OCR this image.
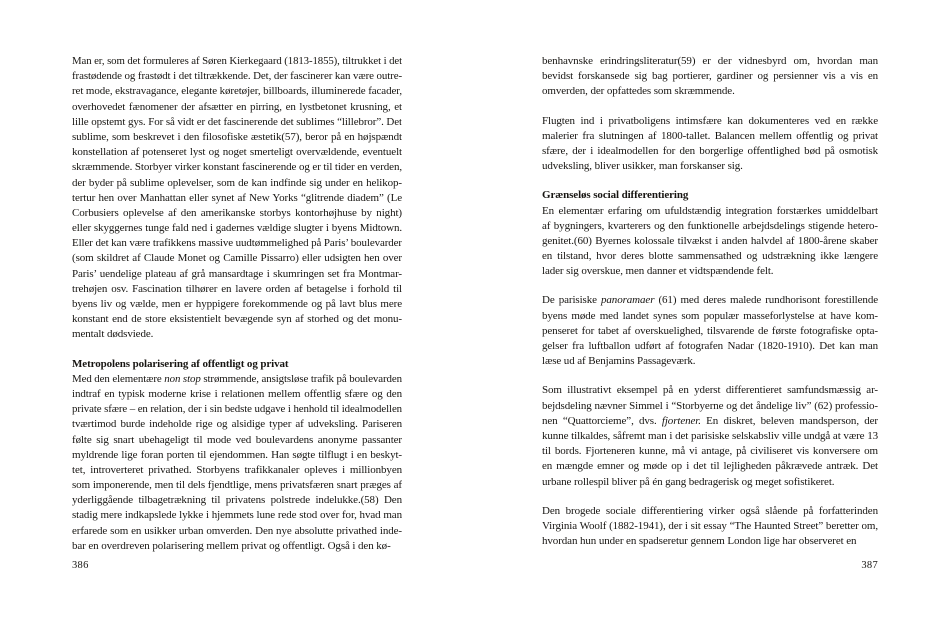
Man er, som det formuleres af Søren Kierkegaard (1813-1855), tiltrukket i det
frastødende og frastødt i det tiltrækkende. Det, der fascinerer kan være outre-
ret mode, ekstravagance, elegante køretøjer, billboards, illuminerede facader,
overhovedet fænomener der afsætter en pirring, en lystbetonet krusning, et
lille opstemt gys. For så vidt er det fascinerende det sublimes “lillebror”. Det
sublime, som beskrevet i den filosofiske æstetik(57), beror på en højspændt
konstellation af potenseret lyst og noget smerteligt overvældende, eventuelt
skræmmende. Storbyer virker konstant fascinerende og er til tider en verden,
der byder på sublime oplevelser, som de kan indfinde sig under en helikop-
tertur hen over Manhattan eller synet af New Yorks “glitrende diadem” (Le
Corbusiers oplevelse af den amerikanske storbys kontorhøjhuse by night)
eller skyggernes tunge fald ned i gadernes vældige slugter i byens Midtown.
Eller det kan være trafikkens massive uudtømmelighed på Paris’ boulevarder
(som skildret af Claude Monet og Camille Pissarro) eller udsigten hen over
Paris’ uendelige plateau af grå mansardtage i skumringen set fra Montmar-
trehøjen osv. Fascination tilhører en lavere orden af betagelse i forhold til
byens liv og vælde, men er hyppigere forekommende og på lavt blus mere
konstant end de store eksistentielt bevægende syn af storhed og det monu-
mentalt dødsviede.
Metropolens polarisering af offentligt og privat
Med den elementære non stop strømmende, ansigtsløse trafik på boulevarden
indtraf en typisk moderne krise i relationen mellem offentlig sfære og den
private sfære – en relation, der i sin bedste udgave i henhold til idealmodellen
tværtimod burde indeholde rige og alsidige typer af udveksling. Pariseren
følte sig snart ubehageligt til mode ved boulevardens anonyme passanter
myldrende lige foran porten til ejendommen. Han søgte tilflugt i en beskyt-
tet, introverteret privathed. Storbyens trafikkanaler opleves i millionbyen
som imponerende, men til dels fjendtlige, mens privatsfæren snart præges af
yderliggående tilbagetrækning til privatens polstrede indelukke.(58) Den
stadig mere indkapslede lykke i hjemmets lune rede stod over for, hvad man
erfarede som en usikker urban omverden. Den nye absolutte privathed inde-
bar en overdreven polarisering mellem privat og offentligt. Også i den kø-
benhavnske erindringsliteratur(59) er der vidnesbyrd om, hvordan man
bevidst forskansede sig bag portierer, gardiner og persienner vis a vis en
omverden, der opfattedes som skræmmende.
Flugten ind i privatboligens intimsfære kan dokumenteres ved en række
malerier fra slutningen af 1800-tallet. Balancen mellem offentlig og privat
sfære, der i idealmodellen for den borgerlige offentlighed bød på osmotisk
udveksling, bliver usikker, man forskanser sig.
Grænseløs social differentiering
En elementær erfaring om ufuldstændig integration forstærkes umiddelbart
af bygningers, kvarterers og den funktionelle arbejdsdelings stigende hetero-
genitet.(60) Byernes kolossale tilvækst i anden halvdel af 1800-årene skaber
en tilstand, hvor deres blotte sammensathed og udstrækning ikke længere
lader sig overskue, men danner et vidtspændende felt.
De parisiske panoramaer (61) med deres malede rundhorisont forestillende
byens møde med landet synes som populær masseforlystelse at have kom-
penseret for tabet af overskuelighed, tilsvarende de første fotografiske opta-
gelser fra luftballon udført af fotografen Nadar (1820-1910). Det kan man
læse ud af Benjamins Passageværk.
Som illustrativt eksempel på en yderst differentieret samfundsmæssig ar-
bejdsdeling nævner Simmel i “Storbyerne og det åndelige liv” (62) professio-
nen “Quattorcieme”, dvs. fjortener. En diskret, beleven mandsperson, der
kunne tilkaldes, såfremt man i det parisiske selskabsliv ville undgå at være 13
til bords. Fjorteneren kunne, må vi antage, på civiliseret vis konversere om
en mængde emner og møde op i det til lejligheden påkrævede antræk. Det
urbane rollespil bliver på én gang bedragerisk og meget sofistikeret.
Den brogede sociale differentiering virker også slående på forfatterinden
Virginia Woolf (1882-1941), der i sit essay “The Haunted Street” beretter om,
hvordan hun under en spadseretur gennem London lige har observeret en
386	387
